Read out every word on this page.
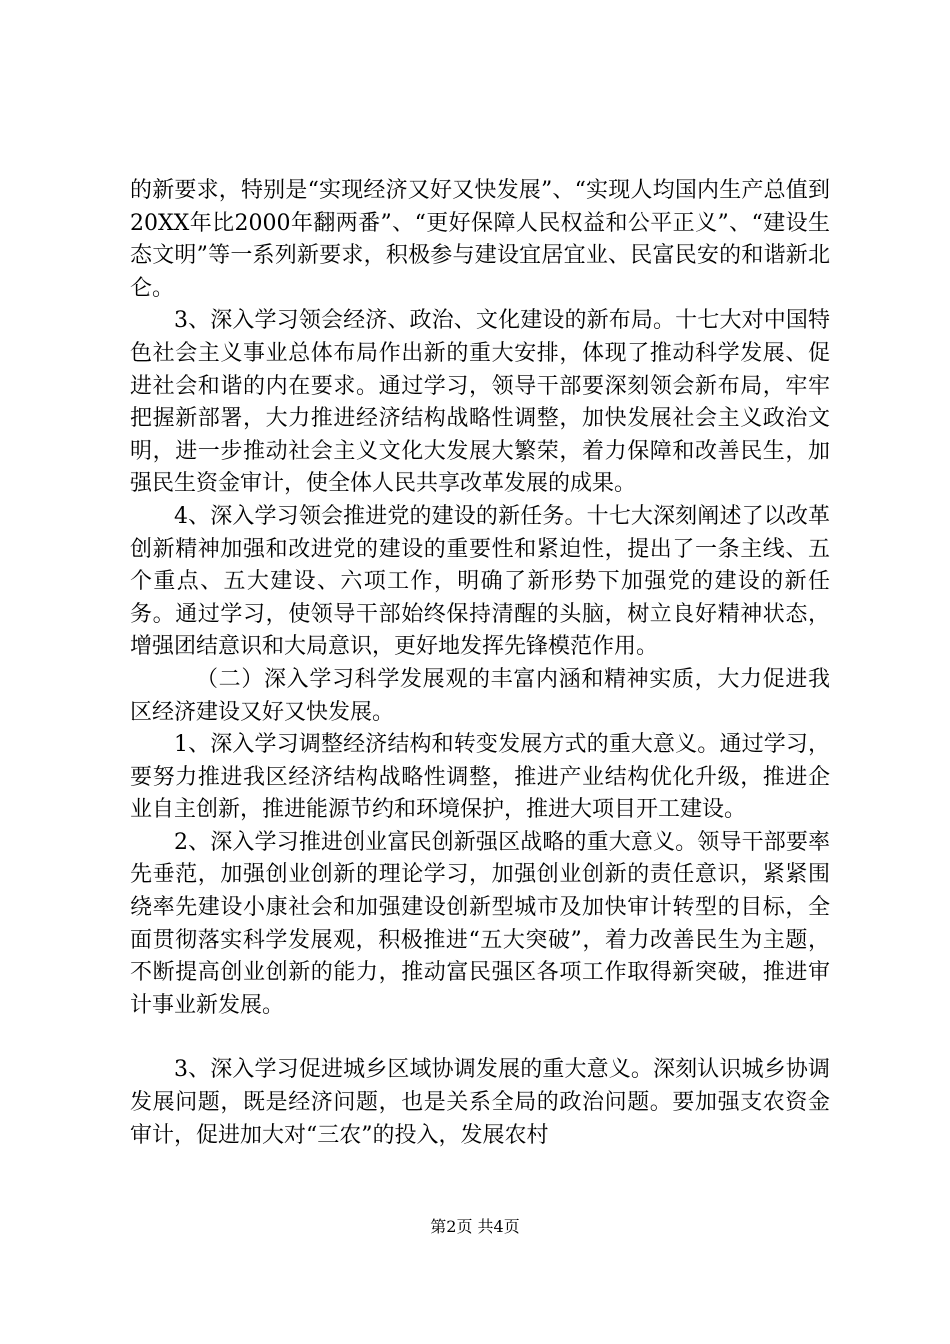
的新要求，特别是“实现经济又好又快发展”、“实现人均国内生产总值到20XX年比2000年翻两番”、“更好保障人民权益和公平正义”、“建设生态文明”等一系列新要求，积极参与建设宜居宜业、民富民安的和谐新北仑。

3、深入学习领会经济、政治、文化建设的新布局。十七大对中国特色社会主义事业总体布局作出新的重大安排，体现了推动科学发展、促进社会和谐的内在要求。通过学习，领导干部要深刻领会新布局，牢牢把握新部署，大力推进经济结构战略性调整，加快发展社会主义政治文明，进一步推动社会主义文化大发展大繁荣，着力保障和改善民生，加强民生资金审计，使全体人民共享改革发展的成果。

4、深入学习领会推进党的建设的新任务。十七大深刻阐述了以改革创新精神加强和改进党的建设的重要性和紧迫性，提出了一条主线、五个重点、五大建设、六项工作，明确了新形势下加强党的建设的新任务。通过学习，使领导干部始终保持清醒的头脑，树立良好精神状态，增强团结意识和大局意识，更好地发挥先锋模范作用。

（二）深入学习科学发展观的丰富内涵和精神实质，大力促进我区经济建设又好又快发展。

1、深入学习调整经济结构和转变发展方式的重大意义。通过学习，要努力推进我区经济结构战略性调整，推进产业结构优化升级，推进企业自主创新，推进能源节约和环境保护，推进大项目开工建设。

2、深入学习推进创业富民创新强区战略的重大意义。领导干部要率先垂范，加强创业创新的理论学习，加强创业创新的责任意识，紧紧围绕率先建设小康社会和加强建设创新型城市及加快审计转型的目标，全面贯彻落实科学发展观，积极推进“五大突破”，着力改善民生为主题，不断提高创业创新的能力，推动富民强区各项工作取得新突破，推进审计事业新发展。

3、深入学习促进城乡区域协调发展的重大意义。深刻认识城乡协调发展问题，既是经济问题，也是关系全局的政治问题。要加强支农资金审计，促进加大对“三农”的投入，发展农村

第2页 共4页
